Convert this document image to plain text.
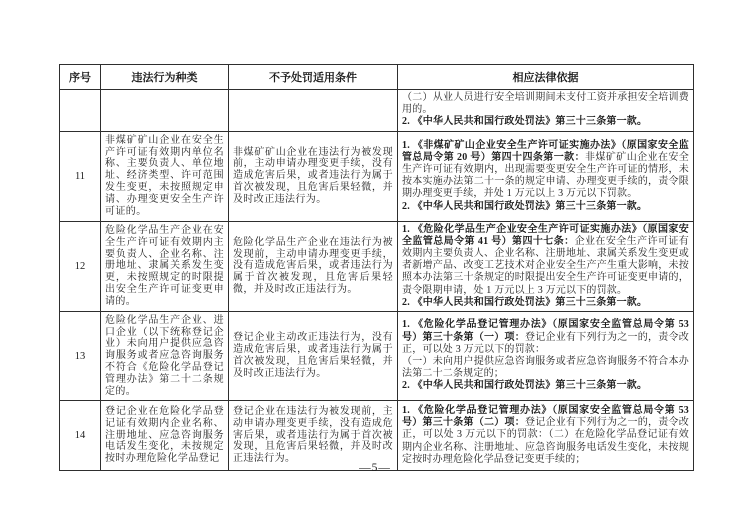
序号	违法行为种类	不予处罚适用条件	相应法律依据

			（二）从业人员进行安全培训期间未支付工资并承担安全培训费用的。
2. 《中华人民共和国行政处罚法》第三十三条第一款。

11	非煤矿矿山企业在安全生产许可证有效期内单位名称、主要负责人、单位地址、经济类型、许可范围发生变更，未按照规定申请、办理变更安全生产许可证的。	非煤矿矿山企业在违法行为被发现前，主动申请办理变更手续，没有造成危害后果，或者违法行为属于首次被发现，且危害后果轻微，并及时改正违法行为。	1. 《非煤矿矿山企业安全生产许可证实施办法》（原国家安全监管总局令第 20 号）第四十四条第一款：非煤矿矿山企业在安全生产许可证有效期内，出现需要变更安全生产许可证的情形，未按本实施办法第二十一条的规定申请、办理变更手续的，责令限期办理变更手续，并处 1 万元以上 3 万元以下罚款。
2. 《中华人民共和国行政处罚法》第三十三条第一款。

12	危险化学品生产企业在安全生产许可证有效期内主要负责人、企业名称、注册地址、隶属关系发生变更，未按照规定的时限提出安全生产许可证变更申请的。	危险化学品生产企业在违法行为被发现前，主动申请办理变更手续，没有造成危害后果，或者违法行为属于首次被发现，且危害后果轻微，并及时改正违法行为。	1. 《危险化学品生产企业安全生产许可证实施办法》（原国家安全监管总局令第 41 号）第四十七条：企业在安全生产许可证有效期内主要负责人、企业名称、注册地址、隶属关系发生变更或者新增产品、改变工艺技术对企业安全生产产生重大影响，未按照本办法第三十条规定的时限提出安全生产许可证变更申请的，责令限期申请，处 1 万元以上 3 万元以下的罚款。
2. 《中华人民共和国行政处罚法》第三十三条第一款。

13	危险化学品生产企业、进口企业（以下统称登记企业）未向用户提供应急咨询服务或者应急咨询服务不符合《危险化学品登记管理办法》第二十二条规定的。	登记企业主动改正违法行为，没有造成危害后果，或者违法行为属于首次被发现，且危害后果轻微，并及时改正违法行为。	1. 《危险化学品登记管理办法》（原国家安全监管总局令第 53 号）第三十条第（一）项：登记企业有下列行为之一的，责令改正，可以处 3 万元以下的罚款：
（一）未向用户提供应急咨询服务或者应急咨询服务不符合本办法第二十二条规定的；
2. 《中华人民共和国行政处罚法》第三十三条第一款。

14	登记企业在危险化学品登记证有效期内企业名称、注册地址、应急咨询服务电话发生变化，未按规定按时办理危险化学品登记	登记企业在违法行为被发现前，主动申请办理变更手续，没有造成危害后果，或者违法行为属于首次被发现，且危害后果轻微，并及时改正违法行为。	1. 《危险化学品登记管理办法》（原国家安全监管总局令第 53 号）第三十条第（二）项：登记企业有下列行为之一的，责令改正，可以处 3 万元以下的罚款：（二）在危险化学品登记证有效期内企业名称、注册地址、应急咨询服务电话发生变化，未按规定按时办理危险化学品登记变更手续的；
—5—
